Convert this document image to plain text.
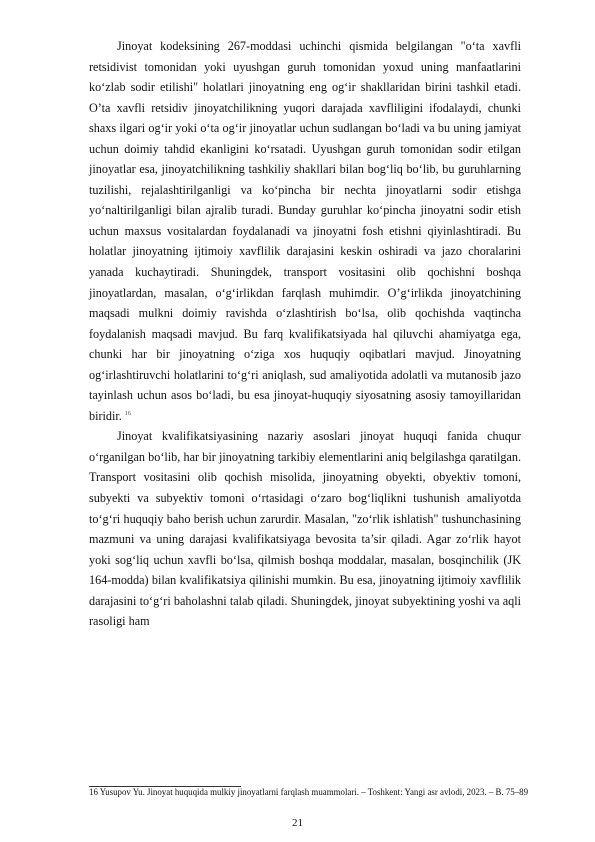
Jinoyat kodeksining 267-moddasi uchinchi qismida belgilangan "o‘ta xavfli retsidivist tomonidan yoki uyushgan guruh tomonidan yoxud uning manfaatlarini ko‘zlab sodir etilishi" holatlari jinoyatning eng og‘ir shakllaridan birini tashkil etadi. O’ta xavfli retsidiv jinoyatchilikning yuqori darajada xavfliligini ifodalaydi, chunki shaxs ilgari og‘ir yoki o‘ta og‘ir jinoyatlar uchun sudlangan bo‘ladi va bu uning jamiyat uchun doimiy tahdid ekanligini ko‘rsatadi. Uyushgan guruh tomonidan sodir etilgan jinoyatlar esa, jinoyatchilikning tashkiliy shakllari bilan bog‘liq bo‘lib, bu guruhlarning tuzilishi, rejalashtirilganligi va ko‘pincha bir nechta jinoyatlarni sodir etishga yo‘naltirilganligi bilan ajralib turadi. Bunday guruhlar ko‘pincha jinoyatni sodir etish uchun maxsus vositalardan foydalanadi va jinoyatni fosh etishni qiyinlashtiradi. Bu holatlar jinoyatning ijtimoiy xavflilik darajasini keskin oshiradi va jazo choralarini yanada kuchaytiradi. Shuningdek, transport vositasini olib qochishni boshqa jinoyatlardan, masalan, o‘g‘irlikdan farqlash muhimdir. O’g‘irlikda jinoyatchining maqsadi mulkni doimiy ravishda o‘zlashtirish bo‘lsa, olib qochishda vaqtincha foydalanish maqsadi mavjud. Bu farq kvalifikatsiyada hal qiluvchi ahamiyatga ega, chunki har bir jinoyatning o‘ziga xos huquqiy oqibatlari mavjud. Jinoyatning og‘irlashtiruvchi holatlarini to‘g‘ri aniqlash, sud amaliyotida adolatli va mutanosib jazo tayinlash uchun asos bo‘ladi, bu esa jinoyat-huquqiy siyosatning asosiy tamoyillaridan biridir. $^{16}$

Jinoyat kvalifikatsiyasining nazariy asoslari jinoyat huquqi fanida chuqur o‘rganilgan bo‘lib, har bir jinoyatning tarkibiy elementlarini aniq belgilashga qaratilgan. Transport vositasini olib qochish misolida, jinoyatning obyekti, obyektiv tomoni, subyekti va subyektiv tomoni o‘rtasidagi o‘zaro bog‘liqlikni tushunish amaliyotda to‘g‘ri huquqiy baho berish uchun zarurdir. Masalan, "zo‘rlik ishlatish" tushunchasining mazmuni va uning darajasi kvalifikatsiyaga bevosita ta’sir qiladi. Agar zo‘rlik hayot yoki sog‘liq uchun xavfli bo‘lsa, qilmish boshqa moddalar, masalan, bosqinchilik (JK 164-modda) bilan kvalifikatsiya qilinishi mumkin. Bu esa, jinoyatning ijtimoiy xavflilik darajasini to‘g‘ri baholashni talab qiladi. Shuningdek, jinoyat subyektining yoshi va aqli rasoligi ham

16 Yusupov Yu. Jinoyat huquqida mulkiy jinoyatlarni farqlash muammolari. – Toshkent: Yangi asr avlodi, 2023. – B. 75–89

21
